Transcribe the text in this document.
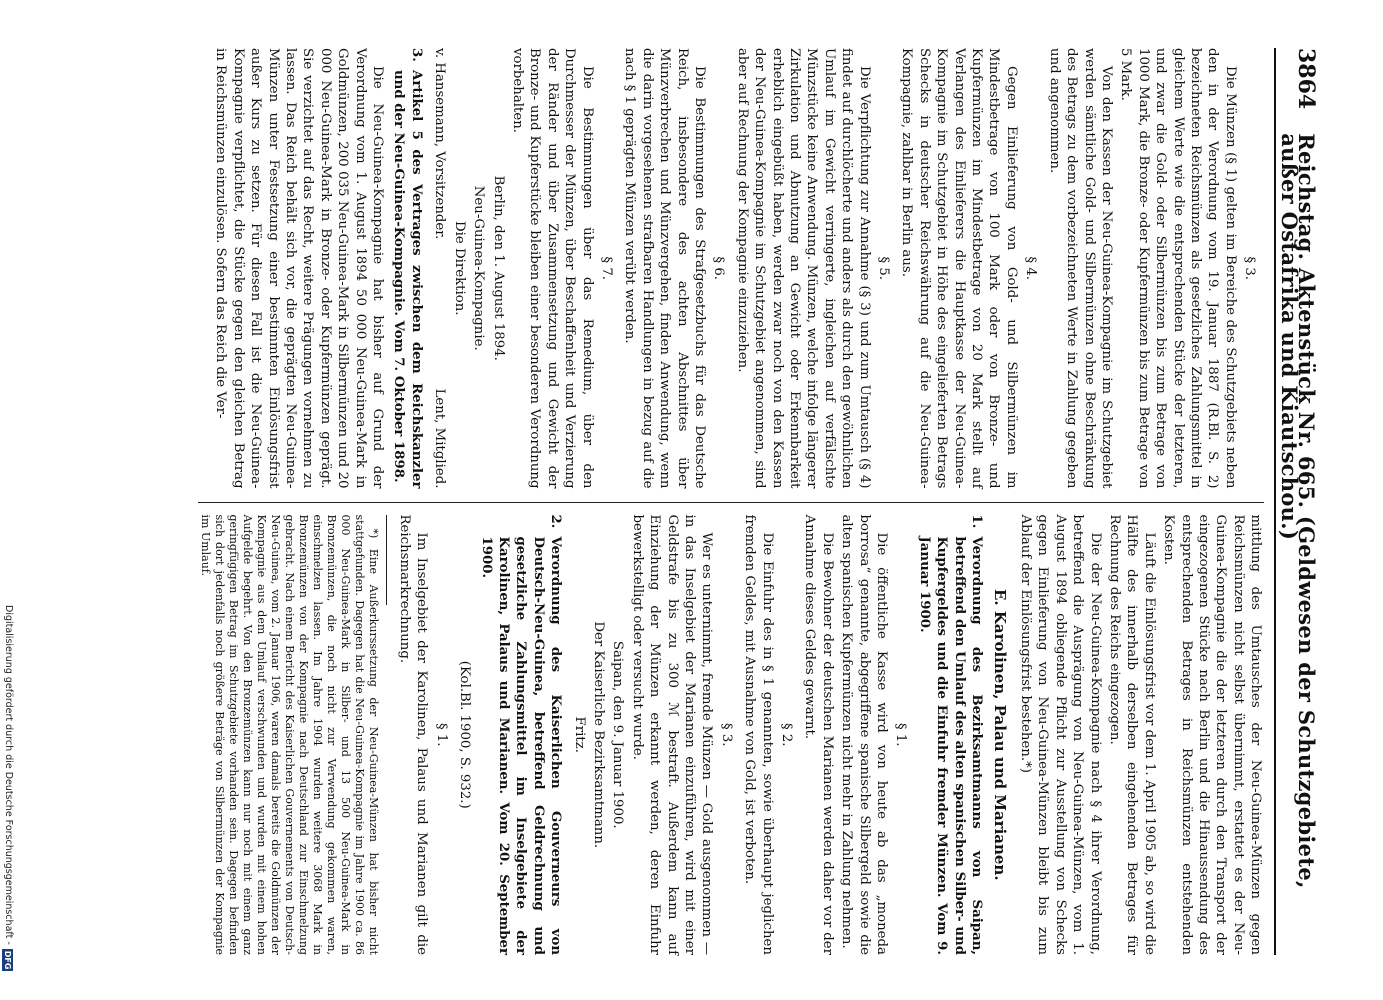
3864
Reichstag. Aktenstück Nr. 665. (Geldwesen der Schutzgebiete, außer Ostafrika und Kiautschou.)
§ 3.

Die Münzen (§ 1) gelten im Bereiche des Schutzgebiets neben den in der Verordnung vom 19. Januar 1887 (R.Bl. S. 2) bezeichneten Reichsmünzen als gesetzliches Zahlungsmittel in gleichem Werte wie die entsprechenden Stücke der letzteren, und zwar die Gold- oder Silbermünzen bis zum Betrage von 1000 Mark, die Bronze- oder Kupfermünzen bis zum Betrage von 5 Mark.

Von den Kassen der Neu-Guinea-Kompagnie im Schutzgebiet werden sämtliche Gold- und Silbermünzen ohne Beschränkung des Betrags zu dem vorbezeichneten Werte in Zahlung gegeben und angenommen.

§ 4.

Gegen Einlieferung von Gold- und Silbermünzen im Mindestbetrage von 100 Mark oder von Bronze- und Kupfermünzen im Mindestbetrage von 20 Mark stellt auf Verlangen des Einlieferers die Hauptkasse der Neu-Guinea-Kompagnie im Schutzgebiet in Höhe des eingelieferten Betrags Schecks in deutscher Reichswährung auf die Neu-Guinea-Kompagnie, zahlbar in Berlin aus.

§ 5.

Die Verpflichtung zur Annahme (§ 3) und zum Umtausch (§ 4) findet auf durchlöcherte und anders als durch den gewöhnlichen Umlauf im Gewicht verringerte, ingleichen auf verfälschte Münzstücke keine Anwendung. Münzen, welche infolge längerer Zirkulation und Abnutzung an Gewicht oder Erkennbarkeit erheblich eingebüßt haben, werden zwar noch von den Kassen der Neu-Guinea-Kompagnie im Schutzgebiet angenommen, sind aber auf Rechnung der Kompagnie einzuziehen.

§ 6.

Die Bestimmungen des Strafgesetzbuchs für das Deutsche Reich, insbesondere des achten Abschnittes über Münzverbrechen und Münzvergehen, finden Anwendung, wenn die darin vorgesehenen strafbaren Handlungen in bezug auf die nach § 1 geprägten Münzen verübt werden.

§ 7.

Die Bestimmungen über das Remedium, über den Durchmesser der Münzen, über Beschaffenheit und Verzierung der Ränder und über Zusammensetzung und Gewicht der Bronze- und Kupferstücke bleiben einer besonderen Verordnung vorbehalten.

Berlin, den 1. August 1894.
Neu-Guinea-Kompagnie.
Die Direktion.
v. Hansemann, Vorsitzender.
Lent, Mitglied.
3.
Artikel 5 des Vertrages zwischen dem Reichskanzler und der Neu-Guinea-Kompagnie. Vom 7. Oktober 1898.

Die Neu-Guinea-Kompagnie hat bisher auf Grund der Verordnung vom 1. August 1894 50 000 Neu-Guinea-Mark in Goldmünzen, 200 035 Neu-Guinea-Mark in Silbermünzen und 20 000 Neu-Guinea-Mark in Bronze- oder Kupfermünzen geprägt. Sie verzichtet auf das Recht, weitere Prägungen vornehmen zu lassen. Das Reich behält sich vor, die geprägten Neu-Guinea-Münzen unter Festsetzung einer bestimmten Einlösungsfrist außer Kurs zu setzen. Für diesen Fall ist die Neu-Guinea-Kompagnie verpflichtet, die Stücke gegen den gleichen Betrag in Reichsmünzen einzulösen. Sofern das Reich die Ver-

mittlung des Umtausches der Neu-Guinea-Münzen gegen Reichsmünzen nicht selbst übernimmt, erstattet es der Neu-Guinea-Kompagnie die der letzteren durch den Transport der eingezogenen Stücke nach Berlin und die Hinaussendung des entsprechenden Betrages in Reichsmünzen entstehenden Kosten.

Läuft die Einlösungsfrist vor dem 1. April 1905 ab, so wird die Hälfte des innerhalb derselben eingehenden Betrages für Rechnung des Reichs eingezogen.

Die der Neu-Guinea-Kompagnie nach § 4 ihrer Verordnung, betreffend die Ausprägung von Neu-Guinea-Münzen, vom 1. August 1894 obliegende Pflicht zur Ausstellung von Schecks gegen Einlieferung von Neu-Guinea-Münzen bleibt bis zum Ablauf der Einlösungsfrist bestehen.*)

E. Karolinen, Palau und Marianen.
1.
Verordnung des Bezirksamtmanns von Saipan, betreffend den Umlauf des alten spanischen Silber- und Kupfergeldes und die Einfuhr fremder Münzen. Vom 9. Januar 1900.
§ 1.

Die öffentliche Kasse wird von heute ab das „moneda borrosa“ genannte, abgegriffene spanische Silbergeld sowie die alten spanischen Kupfermünzen nicht mehr in Zahlung nehmen.

Die Bewohner der deutschen Marianen werden daher vor der Annahme dieses Geldes gewarnt.

§ 2.

Die Einfuhr des in § 1 genannten, sowie überhaupt jeglichen fremden Geldes, mit Ausnahme von Gold, ist verboten.

§ 3.

Wer es unternimmt, fremde Münzen — Gold ausgenommen — in das Inselgebiet der Marianen einzuführen, wird mit einer Geldstrafe bis zu 300 ℳ bestraft. Außerdem kann auf Einziehung der Münzen erkannt werden, deren Einfuhr bewerkstelligt oder versucht wurde.

Saipan, den 9. Januar 1900.
Der Kaiserliche Bezirksamtmann.
Fritz.
2.
Verordnung des Kaiserlichen Gouverneurs von Deutsch-Neu-Guinea, betreffend Geldrechnung und gesetzliche Zahlungsmittel im Inselgebiete der Karolinen, Palaus und Marianen. Vom 20. September 1900.
(Kol.Bl. 1900, S. 932.)
§ 1.

Im Inselgebiet der Karolinen, Palaus und Marianen gilt die Reichsmarkrechnung.

*) Eine Außerkurssetzung der Neu-Guinea-Münzen hat bisher nicht stattgefunden. Dagegen hat die Neu-Guinea-Kompagnie im Jahre 1900 ca. 86 000 Neu-Guinea-Mark in Silber- und 13 500 Neu-Guinea-Mark in Bronzemünzen, die noch nicht zur Verwendung gekommen waren, einschmelzen lassen. Im Jahre 1904 wurden weitere 3068 Mark in Bronzemünzen von der Kompagnie nach Deutschland zur Einschmelzung gebracht. Nach einem Bericht des Kaiserlichen Gouvernements von Deutsch-Neu-Guinea, vom 2. Januar 1906, waren damals bereits die Goldmünzen der Kompagnie aus dem Umlauf verschwunden und wurden mit einem hohen Aufgelde begehrt. Von den Bronzemünzen kann nur noch mit einem ganz geringfügigen Betrag im Schutzgebiete vorhanden sein. Dagegen befinden sich dort jedenfalls noch größere Beträge von Silbermünzen der Kompagnie im Umlauf.

Digitalisierung gefördert durch die Deutsche Forschungsgemeinschaft -
DFG
